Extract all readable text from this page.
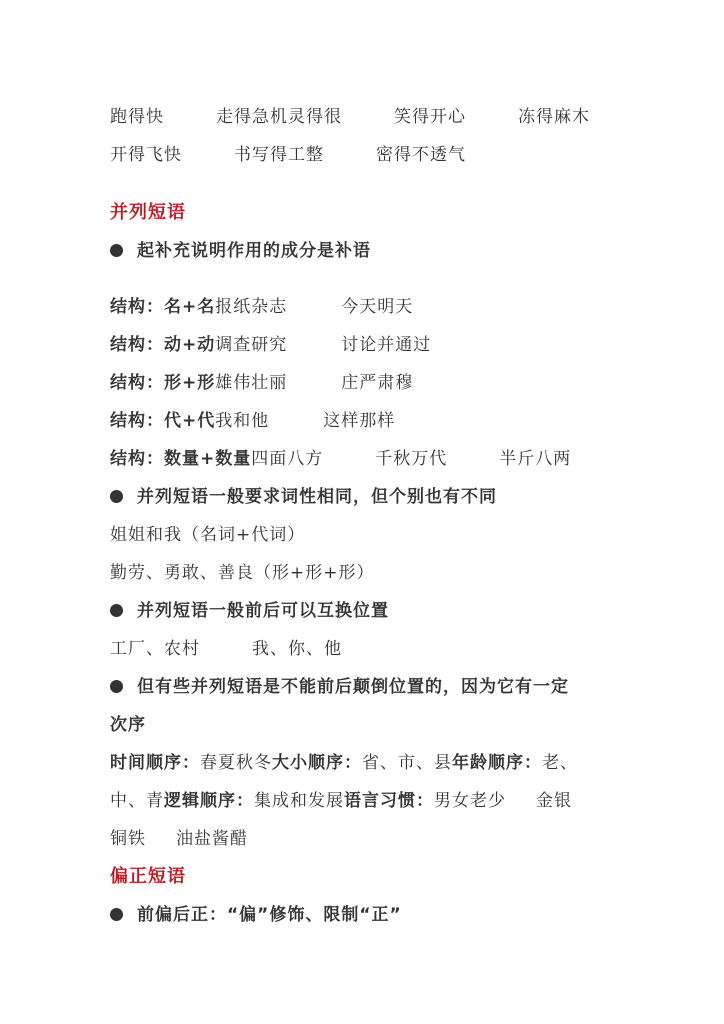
跑得快	走得急机灵得很	笑得开心	冻得麻木
开得飞快	书写得工整	密得不透气
并列短语
起补充说明作用的成分是补语
结构：名+名报纸杂志	今天明天
结构：动+动调查研究	讨论并通过
结构：形+形雄伟壮丽	庄严肃穆
结构：代+代我和他	这样那样
结构：数量+数量四面八方	千秋万代	半斤八两
并列短语一般要求词性相同，但个别也有不同
姐姐和我（名词+代词）
勤劳、勇敢、善良（形+形+形）
并列短语一般前后可以互换位置
工厂、农村	我、你、他
但有些并列短语是不能前后颠倒位置的，因为它有一定
次序
时间顺序：春夏秋冬大小顺序：省、市、县年龄顺序：老、
中、青逻辑顺序：集成和发展语言习惯：男女老少 金银
铜铁 油盐酱醋
偏正短语
前偏后正：“偏”修饰、限制“正”
